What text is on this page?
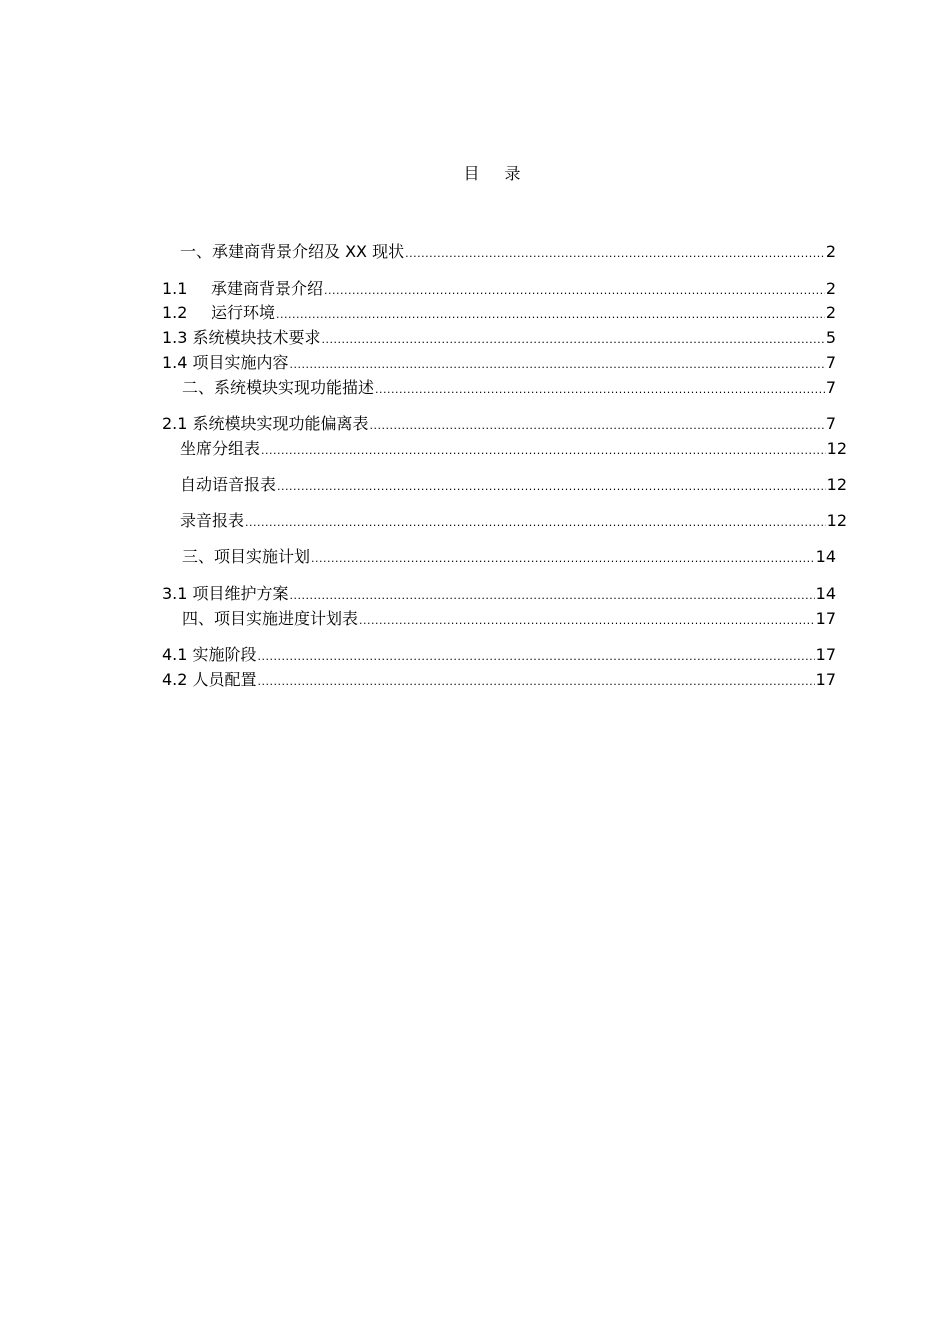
目 录
一、承建商背景介绍及 XX 现状 .....	2
1.1 承建商背景介绍 .....	2
1.2 运行环境 .....	2
1.3 系统模块技术要求 .....	5
1.4 项目实施内容 .....	7
二、系统模块实现功能描述 .....	7
2.1 系统模块实现功能偏离表 .....	7
坐席分组表 .....	12
自动语音报表 .....	12
录音报表 .....	12
三、项目实施计划 .....	14
3.1 项目维护方案 .....	14
四、项目实施进度计划表 .....	17
4.1 实施阶段 .....	17
4.2 人员配置 .....	17
